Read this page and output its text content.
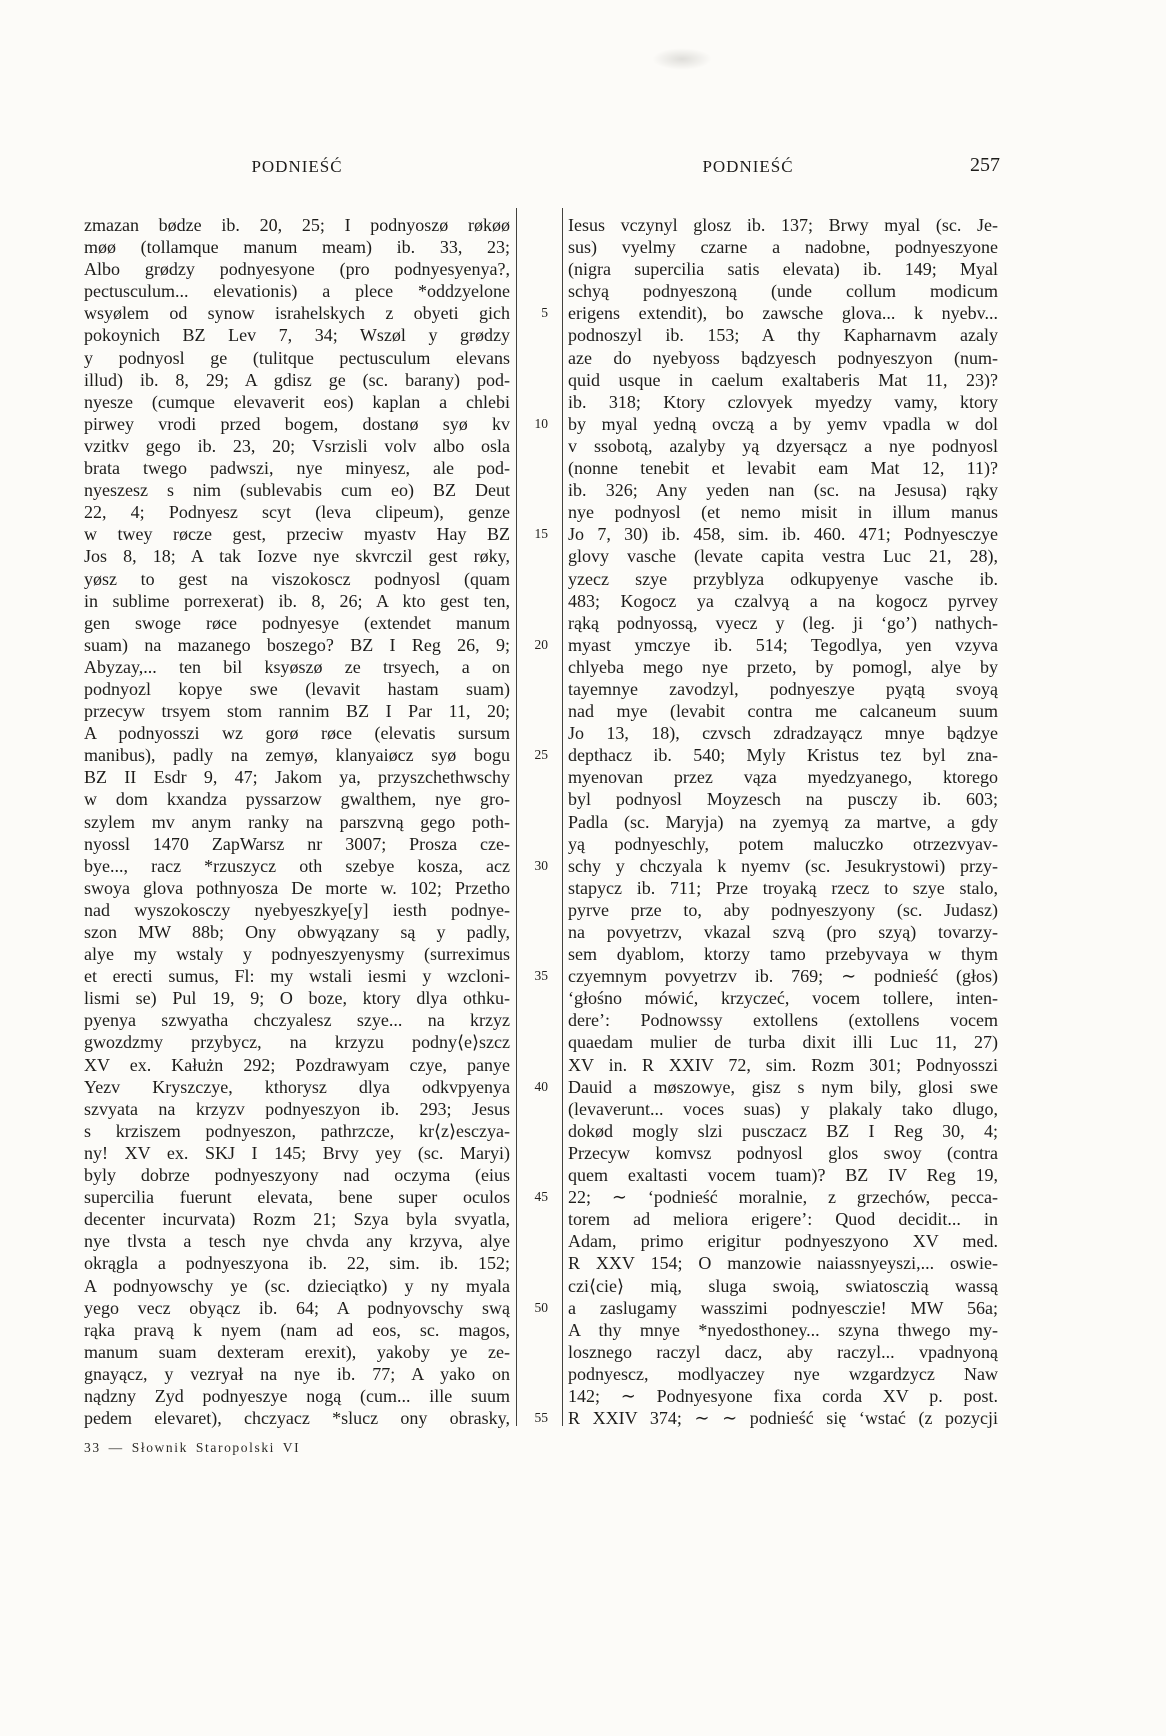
PODNIEŚĆ	PODNIEŚĆ	257
zmazan bødze ib. 20, 25; I podnyoszø røkøø
møø (tollamque manum meam) ib. 33, 23;
Albo grødzy podnyesyone (pro podnyesyenya?,
pectusculum... elevationis) a plece *oddzyelone
wsyølem od synow israhelskych z obyeti gich
pokoynich BZ Lev 7, 34; Wszøl y grødzy
y podnyosl ge (tulitque pectusculum elevans
illud) ib. 8, 29; A gdisz ge (sc. barany) pod-
nyesze (cumque elevaverit eos) kaplan a chlebi
pirwey vrodi przed bogem, dostanø syø kv
vzitkv gego ib. 23, 20; Vsrzisli volv albo osla
brata twego padwszi, nye minyesz, ale pod-
nyeszesz s nim (sublevabis cum eo) BZ Deut
22, 4; Podnyesz scyt (leva clipeum), genze
w twey røcze gest, przeciw myastv Hay BZ
Jos 8, 18; A tak Iozve nye skvrczil gest røky,
yøsz to gest na viszokoscz podnyosl (quam
in sublime porrexerat) ib. 8, 26; A kto gest ten,
gen swoge røce podnyesye (extendet manum
suam) na mazanego boszego? BZ I Reg 26, 9;
Abyzay,... ten bil ksyøszø ze trsyech, a on
podnyozl kopye swe (levavit hastam suam)
przecyw trsyem stom rannim BZ I Par 11, 20;
A podnyosszi wz gorø røce (elevatis sursum
manibus), padly na zemyø, klanyaiøcz syø bogu
BZ II Esdr 9, 47; Jakom ya, przyszchethwschy
w dom kxandza pyssarzow gwalthem, nye gro-
szylem mv anym ranky na parszvną gego poth-
nyossl 1470 ZapWarsz nr 3007; Prosza cze-
bye..., racz *rzuszycz oth szebye kosza, acz
swoya glova pothnyosza De morte w. 102; Przetho
nad wyszokosczy nyebyeszkye[y] iesth podnye-
szon MW 88b; Ony obwyązany są y padly,
alye my wstaly y podnyeszyenysmy (surreximus
et erecti sumus, Fl: my wstali iesmi y wzcloni-
lismi se) Pul 19, 9; O boze, ktory dlya othku-
pyenya szwyatha chczyalesz szye... na krzyz
gwozdzmy przybycz, na krzyzu podny⟨e⟩szcz
XV ex. Kałużn 292; Pozdrawyam czye, panye
Yezv Kryszczye, kthorysz dlya odkvpyenya
szvyata na krzyzv podnyeszyon ib. 293; Jesus
s krziszem podnyeszon, pathrzcze, kr⟨z⟩esczya-
ny! XV ex. SKJ I 145; Brvy yey (sc. Maryi)
byly dobrze podnyeszyony nad oczyma (eius
supercilia fuerunt elevata, bene super oculos
decenter incurvata) Rozm 21; Szya byla svyatla,
nye tlvsta a tesch nye chvda any krzyva, alye
okrągla a podnyeszyona ib. 22, sim. ib. 152;
A podnyowschy ye (sc. dzieciątko) y ny myala
yego vecz obyącz ib. 64; A podnyovschy swą
rąka pravą k nyem (nam ad eos, sc. magos,
manum suam dexteram erexit), yakoby ye ze-
gnayącz, y vezryał na nye ib. 77; A yako on
nądzny Zyd podnyeszye nogą (cum... ille suum
pedem elevaret), chczyacz *slucz ony obrasky,
5
10
15
20
25
30
35
40
45
50
55
Iesus vczynyl glosz ib. 137; Brwy myal (sc. Je-
sus) vyelmy czarne a nadobne, podnyeszyone
(nigra supercilia satis elevata) ib. 149; Myal
schyą podnyeszoną (unde collum modicum
erigens extendit), bo zawsche glova... k nyebv...
podnoszyl ib. 153; A thy Kapharnavm azaly
aze do nyebyoss bądzyesch podnyeszyon (num-
quid usque in caelum exaltaberis Mat 11, 23)?
ib. 318; Ktory czlovyek myedzy vamy, ktory
by myal yedną ovczą a by yemv vpadla w dol
v ssobotą, azalyby yą dzyersącz a nye podnyosl
(nonne tenebit et levabit eam Mat 12, 11)?
ib. 326; Any yeden nan (sc. na Jesusa) rąky
nye podnyosl (et nemo misit in illum manus
Jo 7, 30) ib. 458, sim. ib. 460. 471; Podnyesczye
glovy vasche (levate capita vestra Luc 21, 28),
yzecz szye przyblyza odkupyenye vasche ib.
483; Kogocz ya czalvyą a na kogocz pyrvey
rąką podnyossą, vyecz y (leg. ji ‘go’) nathych-
myast ymczye ib. 514; Tegodlya, yen vzyva
chlyeba mego nye przeto, by pomogl, alye by
tayemnye zavodzyl, podnyeszye pyątą svoyą
nad mye (levabit contra me calcaneum suum
Jo 13, 18), czvsch zdradzayącz mnye bądzye
depthacz ib. 540; Myly Kristus tez byl zna-
myenovan przez vąza myedzyanego, ktorego
byl podnyosl Moyzesch na pusczy ib. 603;
Padla (sc. Maryja) na zyemyą za martve, a gdy
yą podnyeschly, potem maluczko otrzezvyav-
schy y chczyala k nyemv (sc. Jesukrystowi) przy-
stapycz ib. 711; Prze troyaką rzecz to szye stalo,
pyrve prze to, aby podnyeszyony (sc. Judasz)
na povyetrzv, vkazal szvą (pro szyą) tovarzy-
sem dyablom, ktorzy tamo przebyvaya w thym
czyemnym povyetrzv ib. 769; ∼ podnieść (głos)
‘głośno mówić, krzyczeć, vocem tollere, inten-
dere’: Podnowssy extollens (extollens vocem
quaedam mulier de turba dixit illi Luc 11, 27)
XV in. R XXIV 72, sim. Rozm 301; Podnyosszi
Dauid a møszowye, gisz s nym bily, glosi swe
(levaverunt... voces suas) y plakaly tako dlugo,
dokød mogly slzi pusczacz BZ I Reg 30, 4;
Przecyw komvsz podnyosl glos swoy (contra
quem exaltasti vocem tuam)? BZ IV Reg 19,
22; ∼ ‘podnieść moralnie, z grzechów, pecca-
torem ad meliora erigere’: Quod decidit... in
Adam, primo erigitur podnyeszyono XV med.
R XXV 154; O manzowie naiassnyeyszi,... oswie-
czi⟨cie⟩ mią, sluga swoią, swiatosczią wassą
a zaslugamy wasszimi podnyesczie! MW 56a;
A thy mnye *nyedosthoney... szyna thwego my-
losznego raczyl dacz, aby raczyl... vpadnyoną
podnyescz, modlyaczey nye wzgardzycz Naw
142; ∼ Podnyesyone fixa corda XV p. post.
R XXIV 374; ∼ ∼ podnieść się ‘wstać (z pozycji
33 — Słownik Staropolski VI
